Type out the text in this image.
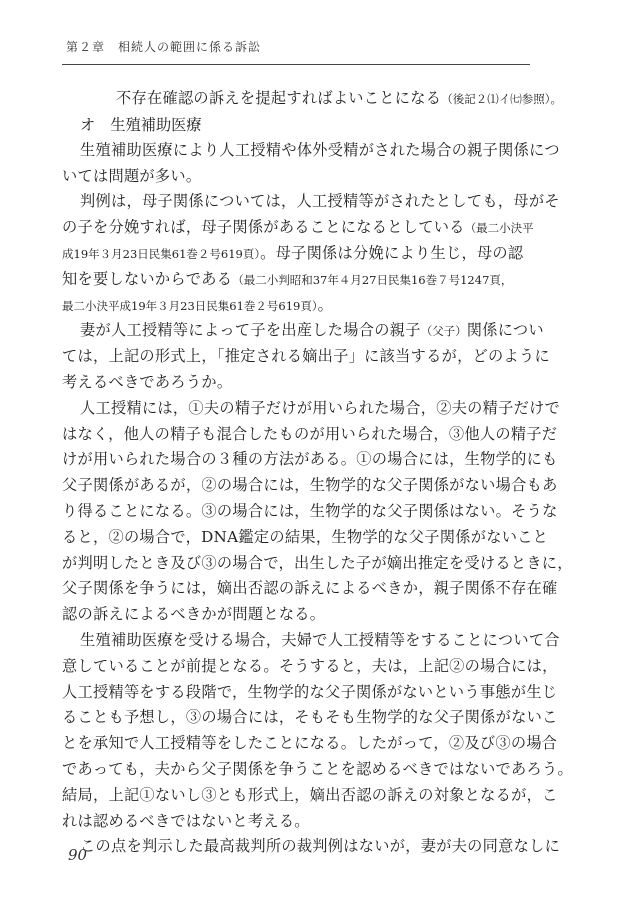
第２章　相続人の範囲に係る訴訟
不存在確認の訴えを提起すればよいことになる（後記２⑴イ㈦参照）。
オ　生殖補助医療
生殖補助医療により人工授精や体外受精がされた場合の親子関係につ
いては問題が多い。
判例は，母子関係については，人工授精等がされたとしても，母がそ
の子を分娩すれば，母子関係があることになるとしている（最二小決平
成19年３月23日民集61巻２号619頁）。母子関係は分娩により生じ，母の認
知を要しないからである（最二小判昭和37年４月27日民集16巻７号1247頁，
最二小決平成19年３月23日民集61巻２号619頁）。
妻が人工授精等によって子を出産した場合の親子（父子）関係につい
ては，上記の形式上，「推定される嫡出子」に該当するが，どのように
考えるべきであろうか。
人工授精には，①夫の精子だけが用いられた場合，②夫の精子だけで
はなく，他人の精子も混合したものが用いられた場合，③他人の精子だ
けが用いられた場合の３種の方法がある。①の場合には，生物学的にも
父子関係があるが，②の場合には，生物学的な父子関係がない場合もあ
り得ることになる。③の場合には，生物学的な父子関係はない。そうな
ると，②の場合で，DNA鑑定の結果，生物学的な父子関係がないこと
が判明したとき及び③の場合で，出生した子が嫡出推定を受けるときに，
父子関係を争うには，嫡出否認の訴えによるべきか，親子関係不存在確
認の訴えによるべきかが問題となる。
生殖補助医療を受ける場合，夫婦で人工授精等をすることについて合
意していることが前提となる。そうすると，夫は，上記②の場合には，
人工授精等をする段階で，生物学的な父子関係がないという事態が生じ
ることも予想し，③の場合には，そもそも生物学的な父子関係がないこ
とを承知で人工授精等をしたことになる。したがって，②及び③の場合
であっても，夫から父子関係を争うことを認めるべきではないであろう。
結局，上記①ないし③とも形式上，嫡出否認の訴えの対象となるが，こ
れは認めるべきではないと考える。
この点を判示した最高裁判所の裁判例はないが，妻が夫の同意なしに
90
